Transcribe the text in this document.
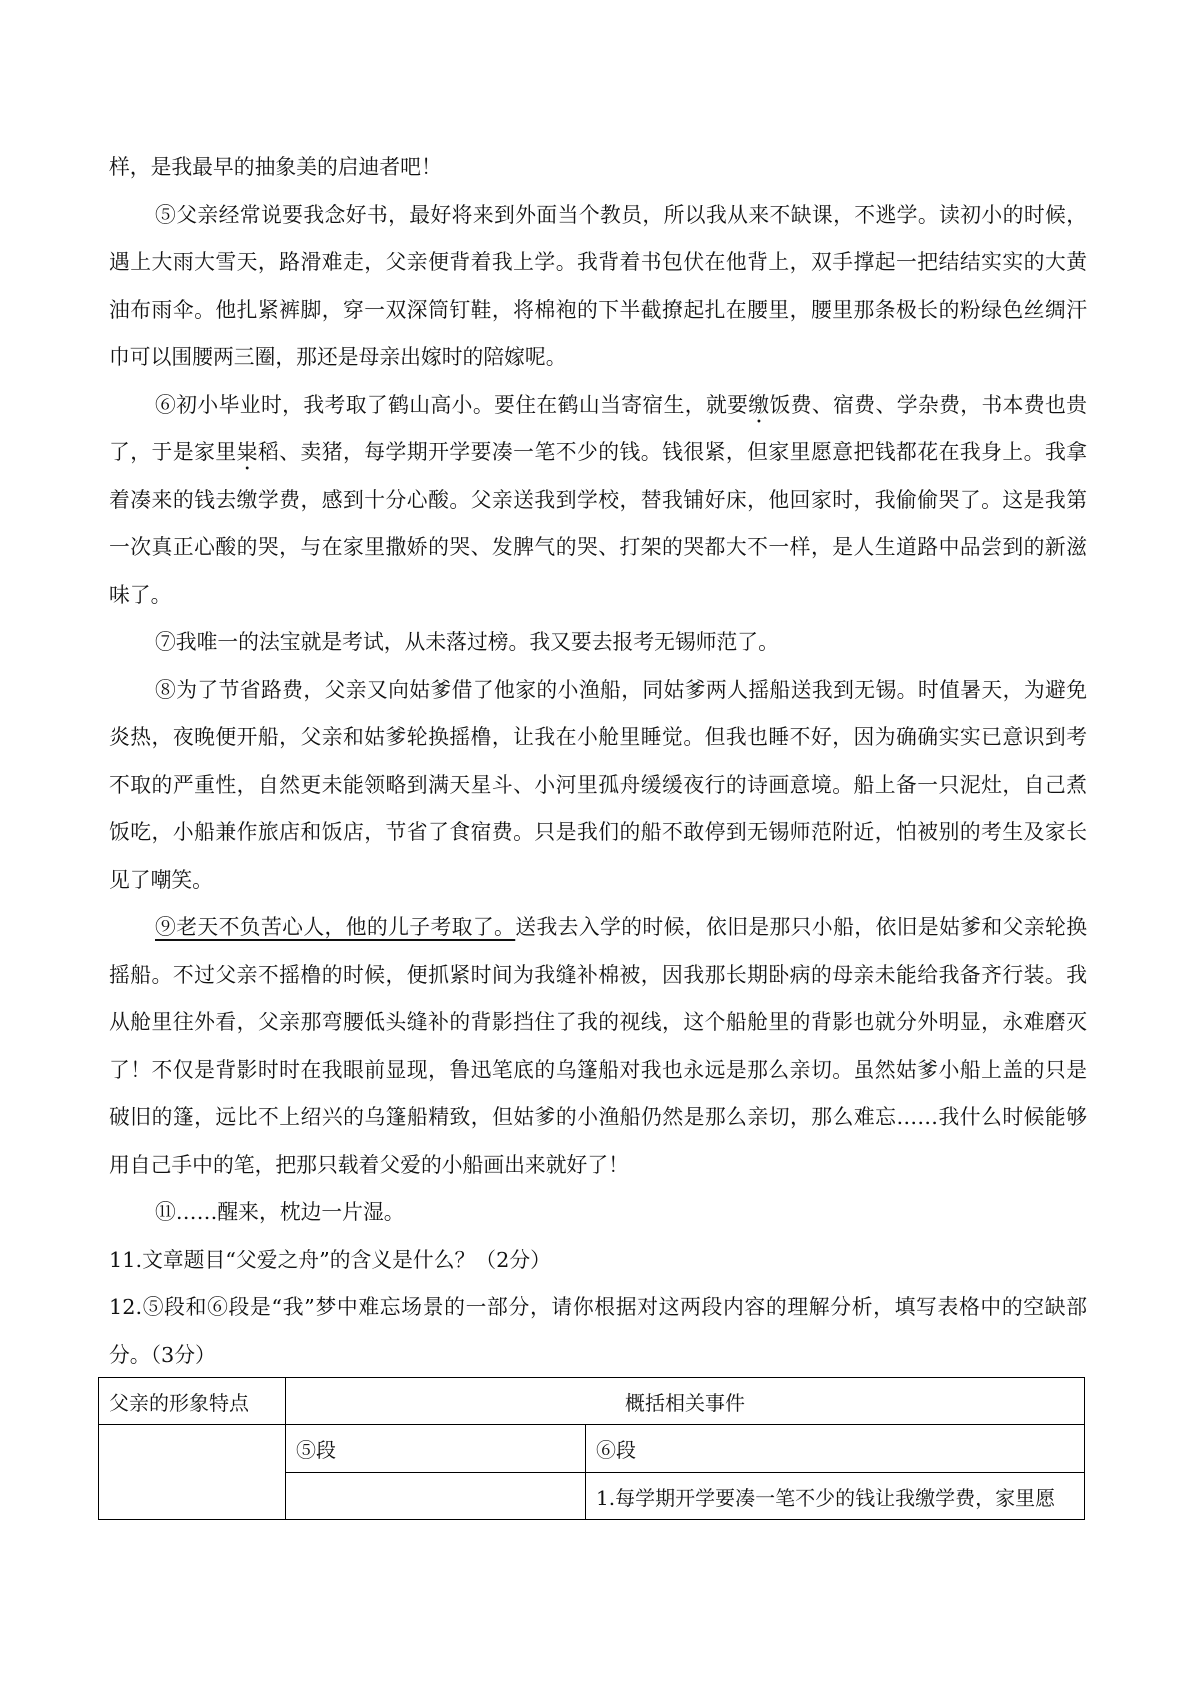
样，是我最早的抽象美的启迪者吧！
⑤父亲经常说要我念好书，最好将来到外面当个教员，所以我从来不缺课，不逃学。读初小的时候，
遇上大雨大雪天，路滑难走，父亲便背着我上学。我背着书包伏在他背上，双手撑起一把结结实实的大黄
油布雨伞。他扎紧裤脚，穿一双深筒钉鞋，将棉袍的下半截撩起扎在腰里，腰里那条极长的粉绿色丝绸汗
巾可以围腰两三圈，那还是母亲出嫁时的陪嫁呢。
⑥初小毕业时，我考取了鹤山高小。要住在鹤山当寄宿生，就要缴饭费、宿费、学杂费，书本费也贵
了，于是家里粜稻、卖猪，每学期开学要凑一笔不少的钱。钱很紧，但家里愿意把钱都花在我身上。我拿
着凑来的钱去缴学费，感到十分心酸。父亲送我到学校，替我铺好床，他回家时，我偷偷哭了。这是我第
一次真正心酸的哭，与在家里撒娇的哭、发脾气的哭、打架的哭都大不一样，是人生道路中品尝到的新滋
味了。
⑦我唯一的法宝就是考试，从未落过榜。我又要去报考无锡师范了。
⑧为了节省路费，父亲又向姑爹借了他家的小渔船，同姑爹两人摇船送我到无锡。时值暑天，为避免
炎热，夜晚便开船，父亲和姑爹轮换摇橹，让我在小舱里睡觉。但我也睡不好，因为确确实实已意识到考
不取的严重性，自然更未能领略到满天星斗、小河里孤舟缓缓夜行的诗画意境。船上备一只泥灶，自己煮
饭吃，小船兼作旅店和饭店，节省了食宿费。只是我们的船不敢停到无锡师范附近，怕被别的考生及家长
见了嘲笑。
⑨老天不负苦心人，他的儿子考取了。送我去入学的时候，依旧是那只小船，依旧是姑爹和父亲轮换
摇船。不过父亲不摇橹的时候，便抓紧时间为我缝补棉被，因我那长期卧病的母亲未能给我备齐行装。我
从舱里往外看，父亲那弯腰低头缝补的背影挡住了我的视线，这个船舱里的背影也就分外明显，永难磨灭
了！不仅是背影时时在我眼前显现，鲁迅笔底的乌篷船对我也永远是那么亲切。虽然姑爹小船上盖的只是
破旧的篷，远比不上绍兴的乌篷船精致，但姑爹的小渔船仍然是那么亲切，那么难忘……我什么时候能够
用自己手中的笔，把那只载着父爱的小船画出来就好了！
⑪……醒来，枕边一片湿。
11.文章题目“父爱之舟”的含义是什么？（2分）
12.⑤段和⑥段是“我”梦中难忘场景的一部分，请你根据对这两段内容的理解分析，填写表格中的空缺部
分。（3分）
父亲的形象特点	概括相关事件	
	⑤段	⑥段
		1.每学期开学要凑一笔不少的钱让我缴学费，家里愿
